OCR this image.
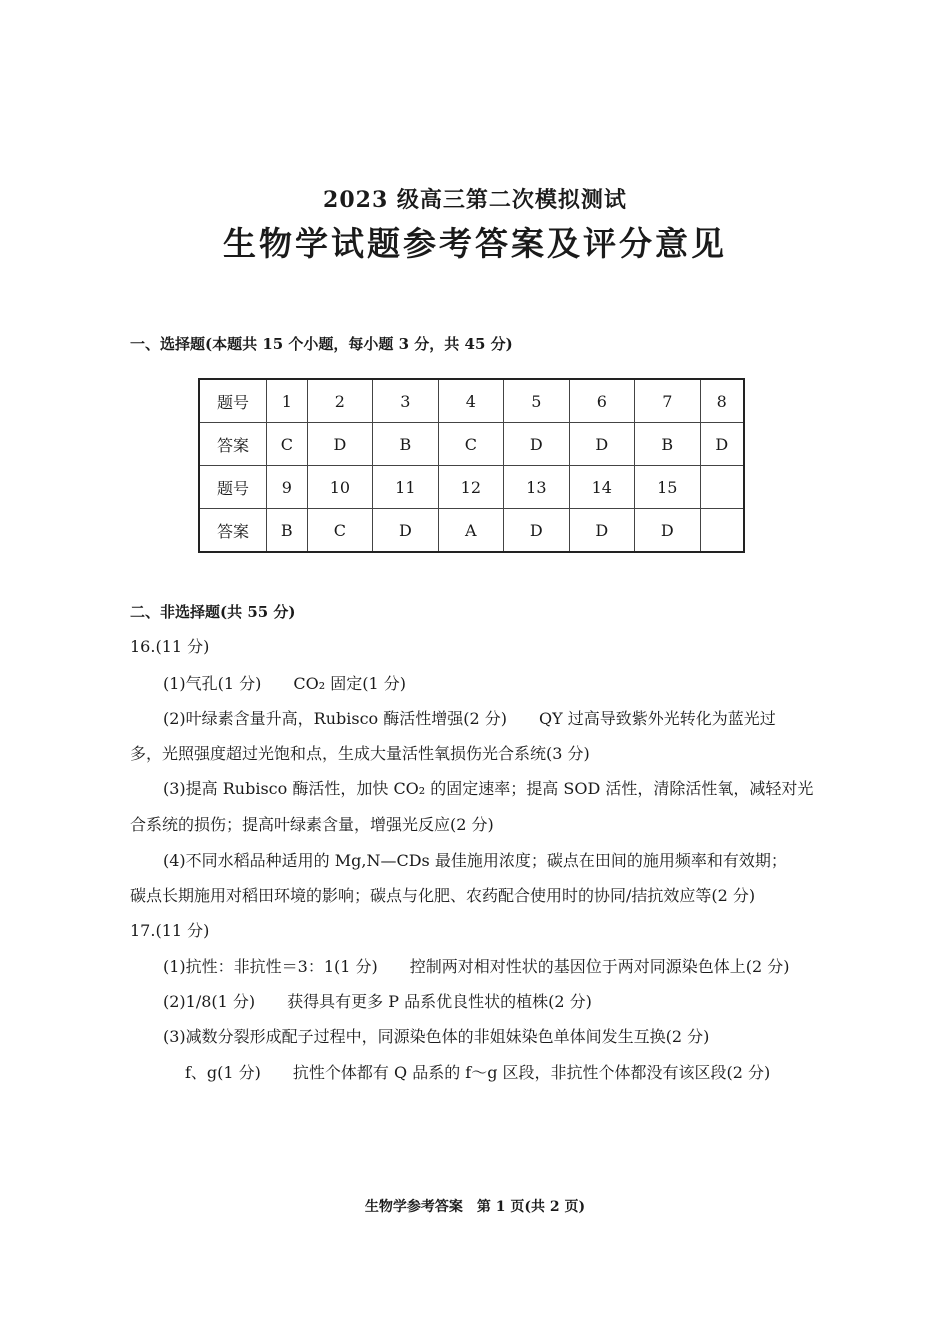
2023 级高三第二次模拟测试
生物学试题参考答案及评分意见
一、选择题(本题共 15 个小题，每小题 3 分，共 45 分)
题号	1	2	3	4	5	6	7	8
答案	C	D	B	C	D	D	B	D
题号	9	10	11	12	13	14	15	
答案	B	C	D	A	D	D	D	
二、非选择题(共 55 分)
16.(11 分)
(1)气孔(1 分) CO₂ 固定(1 分)
(2)叶绿素含量升高，Rubisco 酶活性增强(2 分) QY 过高导致紫外光转化为蓝光过
多，光照强度超过光饱和点，生成大量活性氧损伤光合系统(3 分)
(3)提高 Rubisco 酶活性，加快 CO₂ 的固定速率；提高 SOD 活性，清除活性氧，减轻对光
合系统的损伤；提高叶绿素含量，增强光反应(2 分)
(4)不同水稻品种适用的 Mg,N—CDs 最佳施用浓度；碳点在田间的施用频率和有效期；
碳点长期施用对稻田环境的影响；碳点与化肥、农药配合使用时的协同/拮抗效应等(2 分)
17.(11 分)
(1)抗性：非抗性＝3：1(1 分) 控制两对相对性状的基因位于两对同源染色体上(2 分)
(2)1/8(1 分) 获得具有更多 P 品系优良性状的植株(2 分)
(3)减数分裂形成配子过程中，同源染色体的非姐妹染色单体间发生互换(2 分)
f、g(1 分) 抗性个体都有 Q 品系的 f～g 区段，非抗性个体都没有该区段(2 分)
生物学参考答案　第 1 页(共 2 页)
